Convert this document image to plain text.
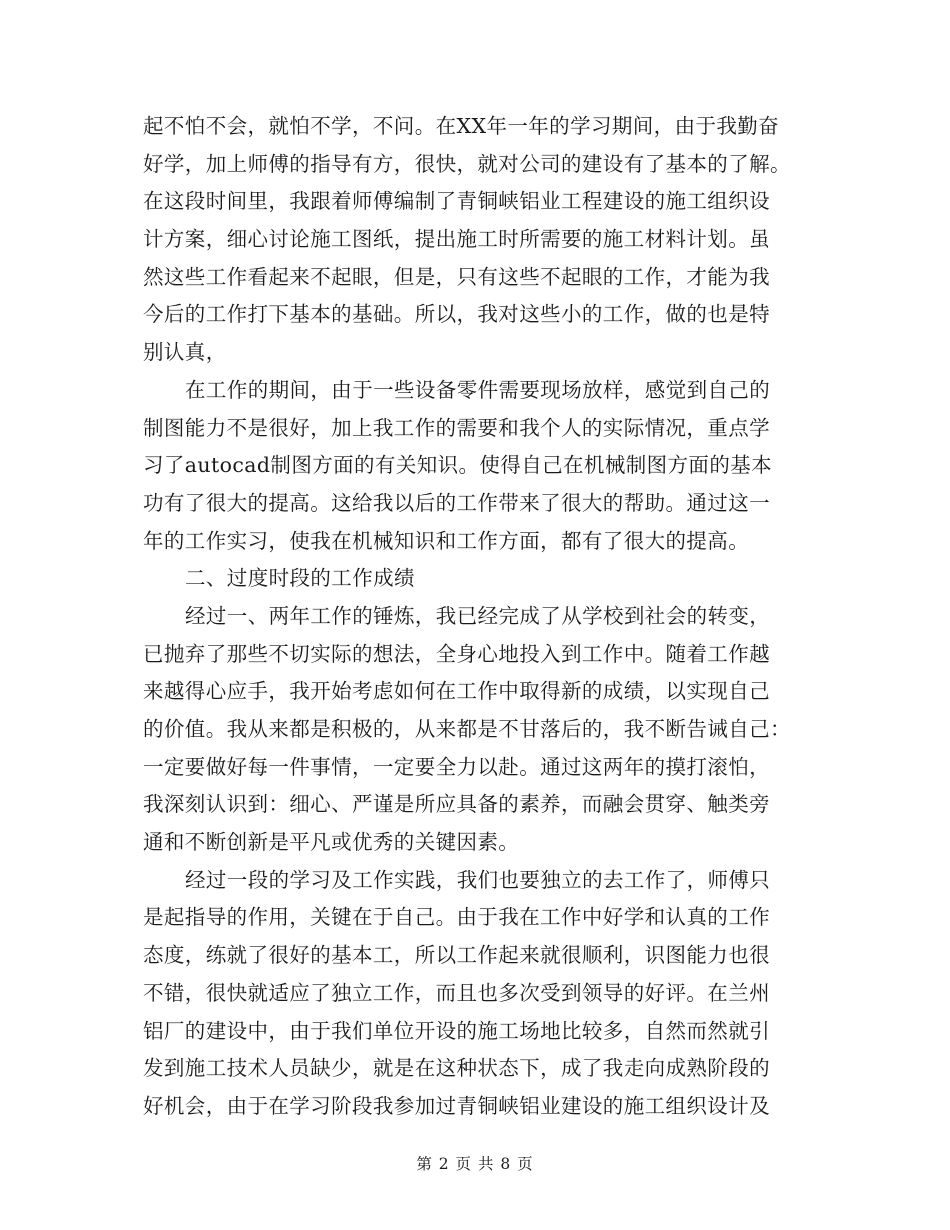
起不怕不会，就怕不学，不问。在XX年一年的学习期间，由于我勤奋
好学，加上师傅的指导有方，很快，就对公司的建设有了基本的了解。
在这段时间里，我跟着师傅编制了青铜峡铝业工程建设的施工组织设
计方案，细心讨论施工图纸，提出施工时所需要的施工材料计划。虽
然这些工作看起来不起眼，但是，只有这些不起眼的工作，才能为我
今后的工作打下基本的基础。所以，我对这些小的工作，做的也是特
别认真，
在工作的期间，由于一些设备零件需要现场放样，感觉到自己的
制图能力不是很好，加上我工作的需要和我个人的实际情况，重点学
习了autocad制图方面的有关知识。使得自己在机械制图方面的基本
功有了很大的提高。这给我以后的工作带来了很大的帮助。通过这一
年的工作实习，使我在机械知识和工作方面，都有了很大的提高。
二、过度时段的工作成绩
经过一、两年工作的锤炼，我已经完成了从学校到社会的转变，
已抛弃了那些不切实际的想法，全身心地投入到工作中。随着工作越
来越得心应手，我开始考虑如何在工作中取得新的成绩，以实现自己
的价值。我从来都是积极的，从来都是不甘落后的，我不断告诫自己：
一定要做好每一件事情，一定要全力以赴。通过这两年的摸打滚怕，
我深刻认识到：细心、严谨是所应具备的素养，而融会贯穿、触类旁
通和不断创新是平凡或优秀的关键因素。
经过一段的学习及工作实践，我们也要独立的去工作了，师傅只
是起指导的作用，关键在于自己。由于我在工作中好学和认真的工作
态度，练就了很好的基本工，所以工作起来就很顺利，识图能力也很
不错，很快就适应了独立工作，而且也多次受到领导的好评。在兰州
铝厂的建设中，由于我们单位开设的施工场地比较多，自然而然就引
发到施工技术人员缺少，就是在这种状态下，成了我走向成熟阶段的
好机会，由于在学习阶段我参加过青铜峡铝业建设的施工组织设计及
第 2 页 共 8 页
